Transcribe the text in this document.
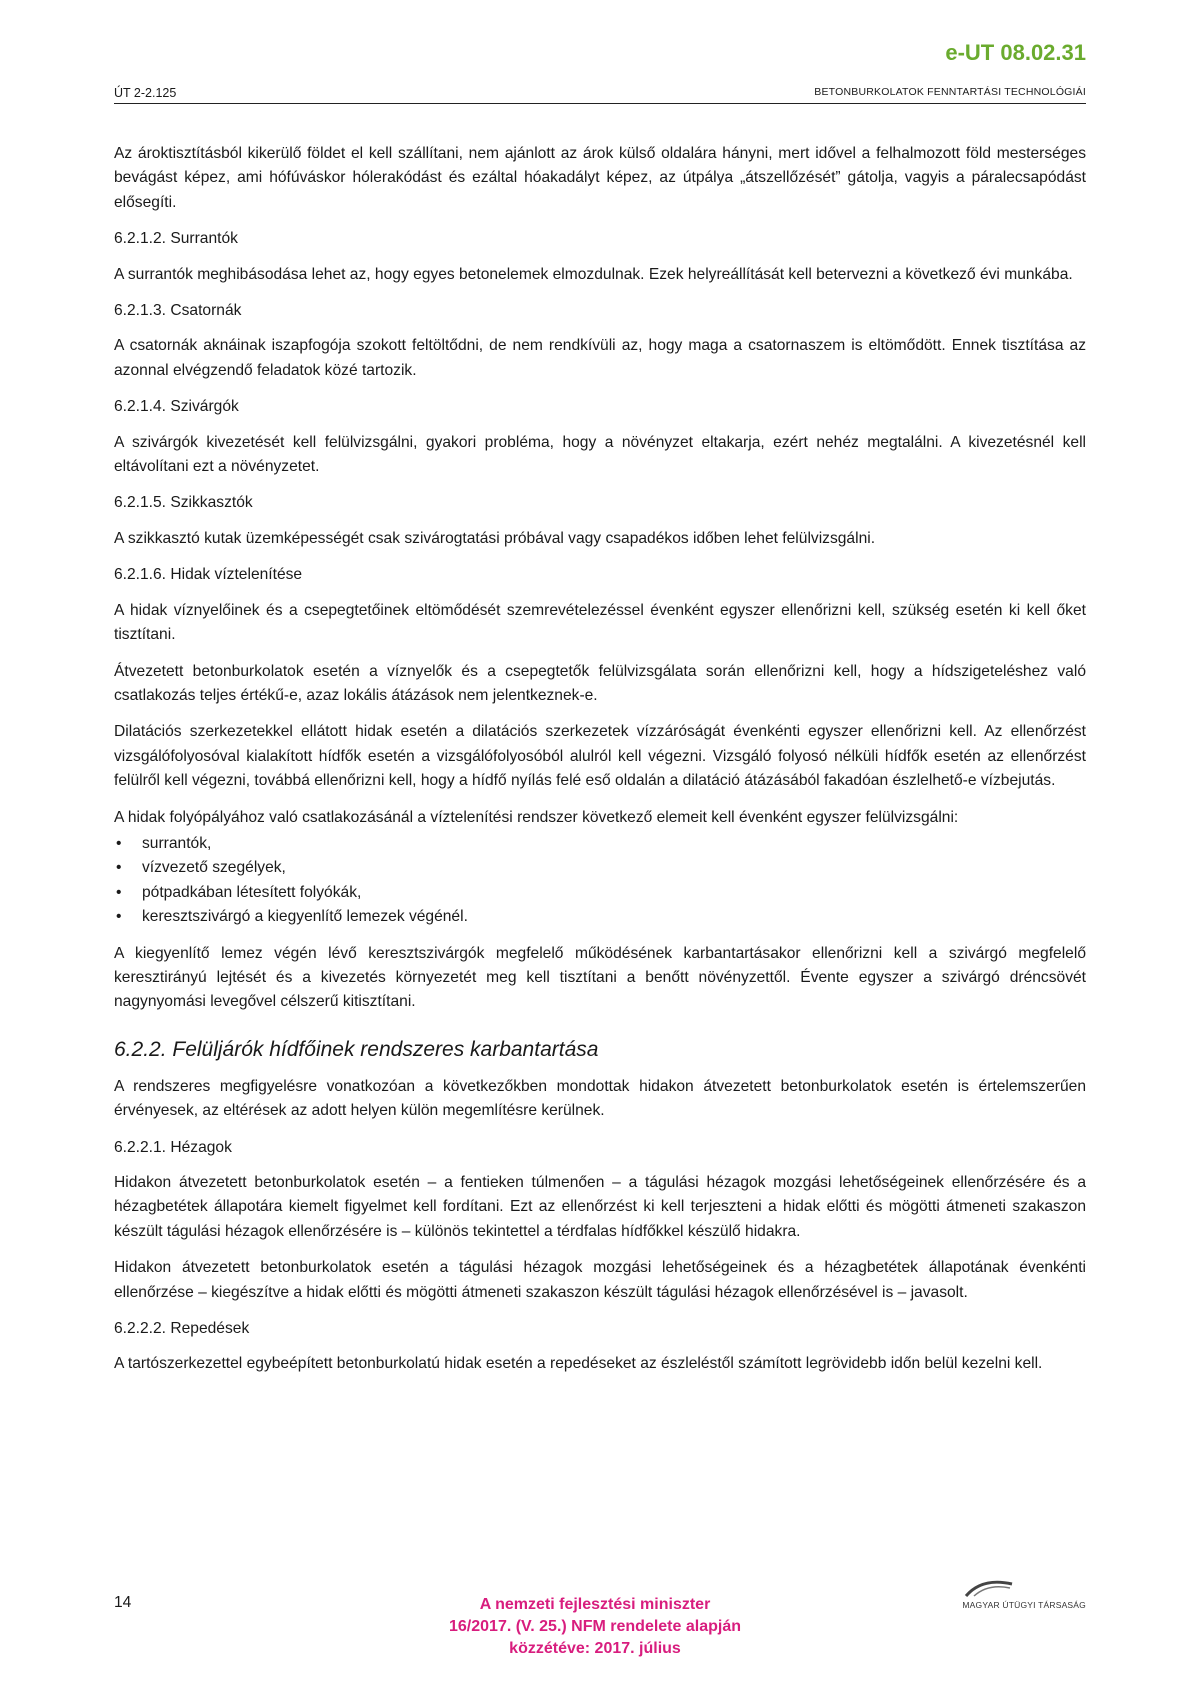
e-UT 08.02.31
ÚT 2-2.125	BETONBURKOLATOK FENNTARTÁSI TECHNOLÓGIÁI

Az ároktisztításból kikerülő földet el kell szállítani, nem ajánlott az árok külső oldalára hányni, mert idővel a felhalmozott föld mesterséges bevágást képez, ami hófúváskor hólerakódást és ezáltal hóakadályt képez, az útpálya „átszellőzését” gátolja, vagyis a páralecsapódást elősegíti.

6.2.1.2. Surrantók

A surrantók meghibásodása lehet az, hogy egyes betonelemek elmozdulnak. Ezek helyreállítását kell betervezni a következő évi munkába.

6.2.1.3. Csatornák

A csatornák aknáinak iszapfogója szokott feltöltődni, de nem rendkívüli az, hogy maga a csatornaszem is eltömődött. Ennek tisztítása az azonnal elvégzendő feladatok közé tartozik.

6.2.1.4. Szivárgók

A szivárgók kivezetését kell felülvizsgálni, gyakori probléma, hogy a növényzet eltakarja, ezért nehéz megtalálni. A kivezetésnél kell eltávolítani ezt a növényzetet.

6.2.1.5. Szikkasztók

A szikkasztó kutak üzemképességét csak szivárogtatási próbával vagy csapadékos időben lehet felülvizsgálni.

6.2.1.6. Hidak víztelenítése

A hidak víznyelőinek és a csepegtetőinek eltömődését szemrevételezéssel évenként egyszer ellenőrizni kell, szükség esetén ki kell őket tisztítani.

Átvezetett betonburkolatok esetén a víznyelők és a csepegtetők felülvizsgálata során ellenőrizni kell, hogy a hídszigeteléshez való csatlakozás teljes értékű-e, azaz lokális átázások nem jelentkeznek-e.

Dilatációs szerkezetekkel ellátott hidak esetén a dilatációs szerkezetek vízzáróságát évenkénti egyszer ellenőrizni kell. Az ellenőrzést vizsgálófolyosóval kialakított hídfők esetén a vizsgálófolyosóból alulról kell végezni. Vizsgáló folyosó nélküli hídfők esetén az ellenőrzést felülről kell végezni, továbbá ellenőrizni kell, hogy a hídfő nyílás felé eső oldalán a dilatáció átázásából fakadóan észlelhető-e vízbejutás.

A hidak folyópályához való csatlakozásánál a víztelenítési rendszer következő elemeit kell évenként egyszer felülvizsgálni:

• surrantók,
• vízvezető szegélyek,
• pótpadkában létesített folyókák,
• keresztszivárgó a kiegyenlítő lemezek végénél.

A kiegyenlítő lemez végén lévő keresztszivárgók megfelelő működésének karbantartásakor ellenőrizni kell a szivárgó megfelelő keresztirányú lejtését és a kivezetés környezetét meg kell tisztítani a benőtt növényzettől. Évente egyszer a szivárgó dréncsövét nagynyomási levegővel célszerű kitisztítani.

6.2.2. Felüljárók hídfőinek rendszeres karbantartása

A rendszeres megfigyelésre vonatkozóan a következőkben mondottak hidakon átvezetett betonburkolatok esetén is értelemszerűen érvényesek, az eltérések az adott helyen külön megemlítésre kerülnek.

6.2.2.1. Hézagok

Hidakon átvezetett betonburkolatok esetén – a fentieken túlmenően – a tágulási hézagok mozgási lehetőségeinek ellenőrzésére és a hézagbetétek állapotára kiemelt figyelmet kell fordítani. Ezt az ellenőrzést ki kell terjeszteni a hidak előtti és mögötti átmeneti szakaszon készült tágulási hézagok ellenőrzésére is – különös tekintettel a térdfalas hídfőkkel készülő hidakra.

Hidakon átvezetett betonburkolatok esetén a tágulási hézagok mozgási lehetőségeinek és a hézagbetétek állapotának évenkénti ellenőrzése – kiegészítve a hidak előtti és mögötti átmeneti szakaszon készült tágulási hézagok ellenőrzésével is – javasolt.

6.2.2.2. Repedések

A tartószerkezettel egybeépített betonburkolatú hidak esetén a repedéseket az észleléstől számított legrövidebb időn belül kezelni kell.

14	A nemzeti fejlesztési miniszter
16/2017. (V. 25.) NFM rendelete alapján
közzétéve: 2017. július
MAGYAR ÚTÜGYI TÁRSASÁG
